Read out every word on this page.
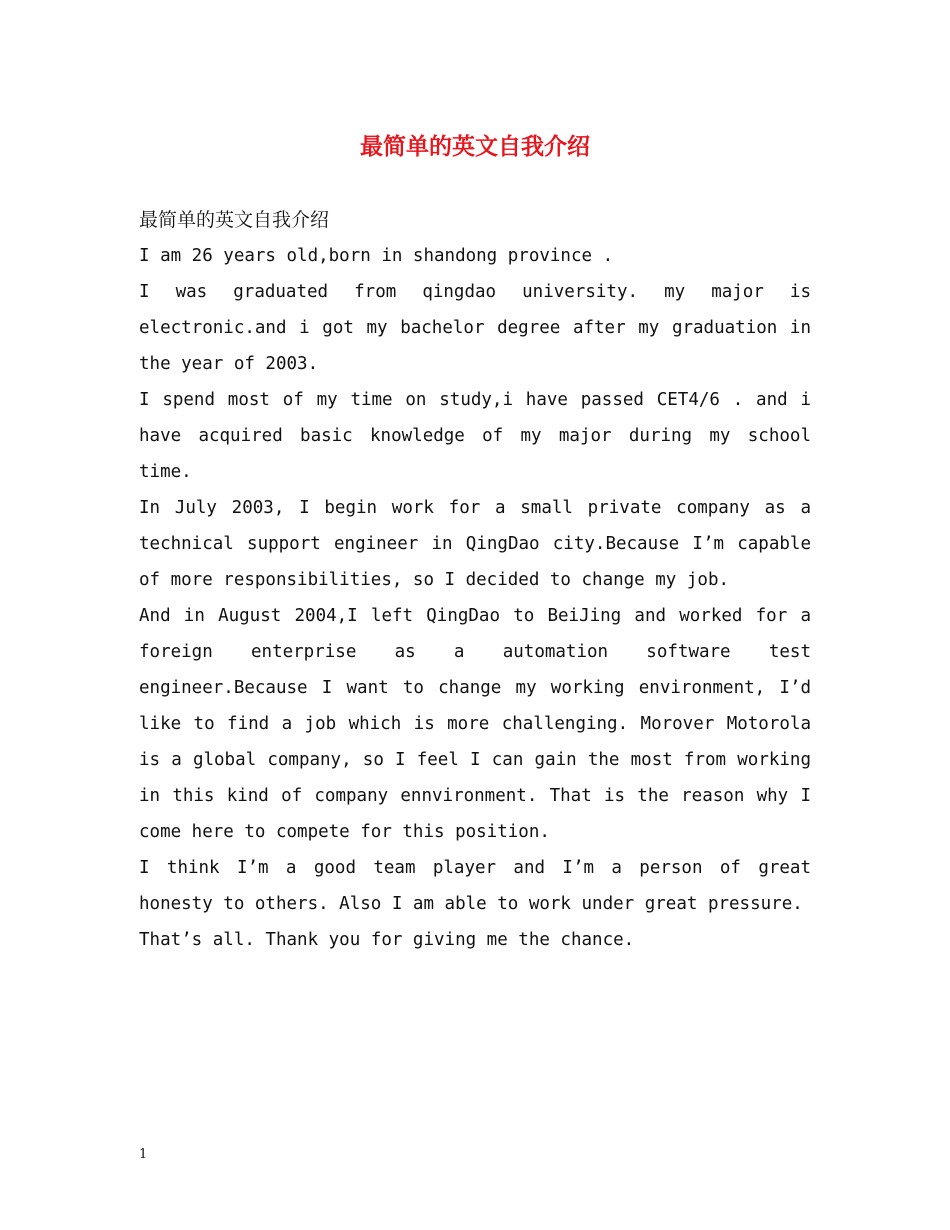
最简单的英文自我介绍

最简单的英文自我介绍

I am 26 years old,born in shandong province .

I was graduated from qingdao university. my major is electronic.and i got my bachelor degree after my graduation in the year of 2003.

I spend most of my time on study,i have passed CET4/6 . and i have acquired basic knowledge of my major during my school time.

In July 2003, I begin work for a small private company as a technical support engineer in QingDao city.Because I’m capable of more responsibilities, so I decided to change my job.

And in August 2004,I left QingDao to BeiJing and worked for a foreign enterprise as a automation software test engineer.Because I want to change my working environment, I’d like to find a job which is more challenging. Morover Motorola is a global company, so I feel I can gain the most from working in this kind of company ennvironment. That is the reason why I come here to compete for this position.

I think I’m a good team player and I’m a person of great honesty to others. Also I am able to work under great pressure.

That’s all. Thank you for giving me the chance.

1
